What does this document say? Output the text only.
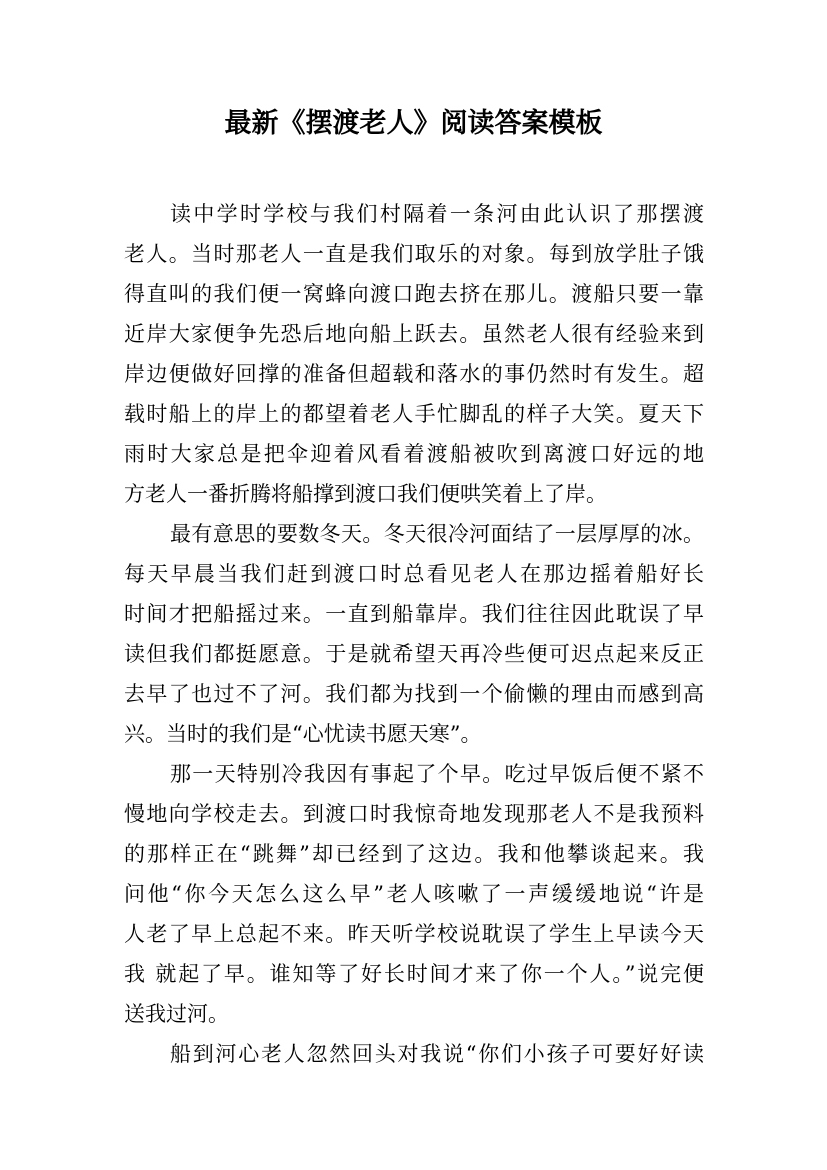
最新《摆渡老人》阅读答案模板
读中学时学校与我们村隔着一条河由此认识了那摆渡
老人。当时那老人一直是我们取乐的对象。每到放学肚子饿
得直叫的我们便一窝蜂向渡口跑去挤在那儿。渡船只要一靠
近岸大家便争先恐后地向船上跃去。虽然老人很有经验来到
岸边便做好回撑的准备但超载和落水的事仍然时有发生。超
载时船上的岸上的都望着老人手忙脚乱的样子大笑。夏天下
雨时大家总是把伞迎着风看着渡船被吹到离渡口好远的地
方老人一番折腾将船撑到渡口我们便哄笑着上了岸。
最有意思的要数冬天。冬天很冷河面结了一层厚厚的冰。
每天早晨当我们赶到渡口时总看见老人在那边摇着船好长
时间才把船摇过来。一直到船靠岸。我们往往因此耽误了早
读但我们都挺愿意。于是就希望天再冷些便可迟点起来反正
去早了也过不了河。我们都为找到一个偷懒的理由而感到高
兴。当时的我们是“心忧读书愿天寒”。
那一天特别冷我因有事起了个早。吃过早饭后便不紧不
慢地向学校走去。到渡口时我惊奇地发现那老人不是我预料
的那样正在“跳舞”却已经到了这边。我和他攀谈起来。我
问他“你今天怎么这么早”老人咳嗽了一声缓缓地说“许是
人老了早上总起不来。昨天听学校说耽误了学生上早读今天
我 就起了早。谁知等了好长时间才来了你一个人。”说完便
送我过河。
船到河心老人忽然回头对我说“你们小孩子可要好好读
